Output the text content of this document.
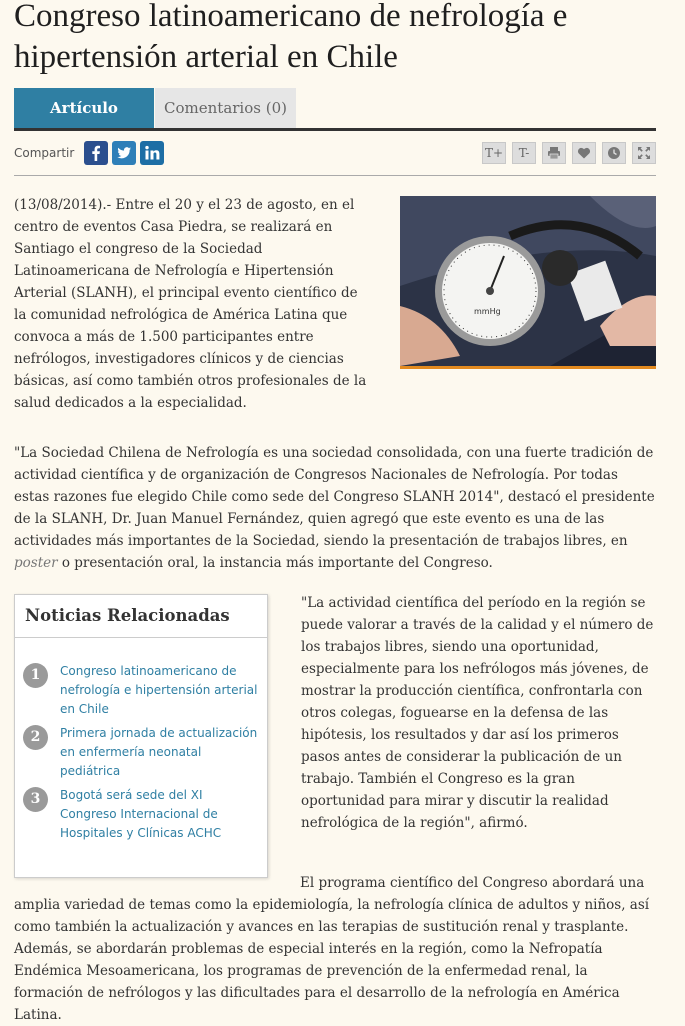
Congreso latinoamericano de nefrología e hipertensión arterial en Chile
Artículo	Comentarios (0)
Compartir	T+	T-

(13/08/2014).- Entre el 20 y el 23 de agosto, en el centro de eventos Casa Piedra, se realizará en Santiago el congreso de la Sociedad Latinoamericana de Nefrología e Hipertensión Arterial (SLANH), el principal evento científico de la comunidad nefrológica de América Latina que convoca a más de 1.500 participantes entre nefrólogos, investigadores clínicos y de ciencias básicas, así como también otros profesionales de la salud dedicados a la especialidad.

mmHg

"La Sociedad Chilena de Nefrología es una sociedad consolidada, con una fuerte tradición de actividad científica y de organización de Congresos Nacionales de Nefrología. Por todas estas razones fue elegido Chile como sede del Congreso SLANH 2014", destacó el presidente de la SLANH, Dr. Juan Manuel Fernández, quien agregó que este evento es una de las actividades más importantes de la Sociedad, siendo la presentación de trabajos libres, en poster o presentación oral, la instancia más importante del Congreso.

Noticias Relacionadas
1	Congreso latinoamericano de nefrología e hipertensión arterial en Chile
2	Primera jornada de actualización en enfermería neonatal pediátrica
3	Bogotá será sede del XI Congreso Internacional de Hospitales y Clínicas ACHC

"La actividad científica del período en la región se puede valorar a través de la calidad y el número de los trabajos libres, siendo una oportunidad, especialmente para los nefrólogos más jóvenes, de mostrar la producción científica, confrontarla con otros colegas, foguearse en la defensa de las hipótesis, los resultados y dar así los primeros pasos antes de considerar la publicación de un trabajo. También el Congreso es la gran oportunidad para mirar y discutir la realidad nefrológica de la región", afirmó.

El programa científico del Congreso abordará una amplia variedad de temas como la epidemiología, la nefrología clínica de adultos y niños, así como también la actualización y avances en las terapias de sustitución renal y trasplante. Además, se abordarán problemas de especial interés en la región, como la Nefropatía Endémica Mesoamericana, los programas de prevención de la enfermedad renal, la formación de nefrólogos y las dificultades para el desarrollo de la nefrología en América Latina.
